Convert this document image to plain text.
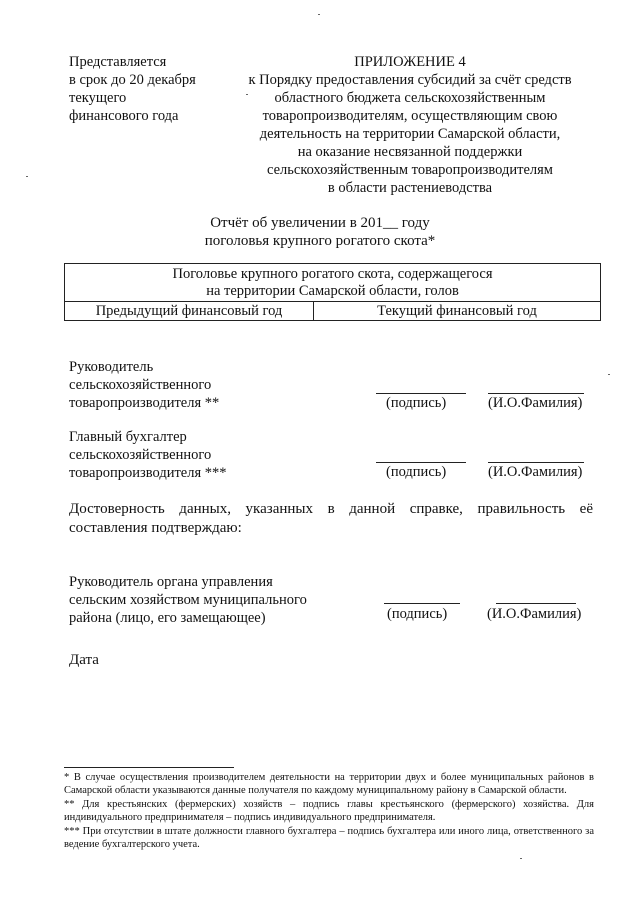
Представляется
в срок до 20 декабря
текущего
финансового года
ПРИЛОЖЕНИЕ 4
к Порядку предоставления субсидий за счёт средств
областного бюджета сельскохозяйственным
товаропроизводителям, осуществляющим свою
деятельность на территории Самарской области,
на оказание несвязанной поддержки
сельскохозяйственным товаропроизводителям
в области растениеводства
Отчёт об увеличении в 201__ году
поголовья крупного рогатого скота*
Поголовье крупного рогатого скота, содержащегося
на территории Самарской области, голов

Предыдущий финансовый год	Текущий финансовый год
Руководитель
сельскохозяйственного
товаропроизводителя **	(подпись)	(И.О.Фамилия)
Главный бухгалтер
сельскохозяйственного
товаропроизводителя ***	(подпись)	(И.О.Фамилия)
Достоверность данных, указанных в данной справке, правильность её составления подтверждаю:
Руководитель органа управления
сельским хозяйством муниципального
района (лицо, его замещающее)	(подпись)	(И.О.Фамилия)
Дата

* В случае осуществления производителем деятельности на территории двух и более муниципальных районов в Самарской области указываются данные получателя по каждому муниципальному району в Самарской области.

** Для крестьянских (фермерских) хозяйств – подпись главы крестьянского (фермерского) хозяйства. Для индивидуального предпринимателя – подпись индивидуального предпринимателя.

*** При отсутствии в штате должности главного бухгалтера – подпись бухгалтера или иного лица, ответственного за ведение бухгалтерского учета.
